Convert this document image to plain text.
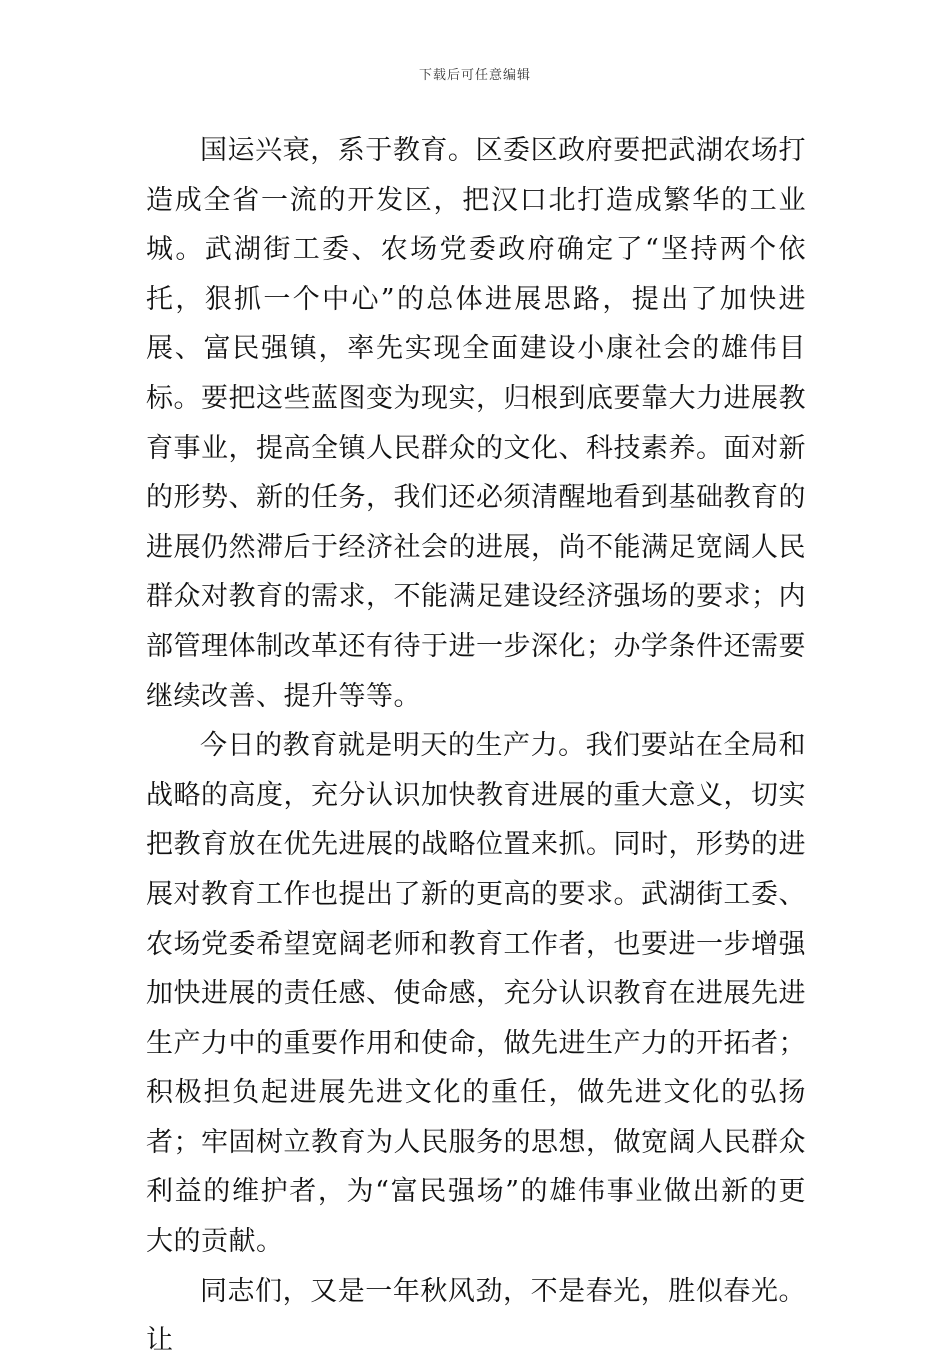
下载后可任意编辑

国运兴衰，系于教育。区委区政府要把武湖农场打造成全省一流的开发区，把汉口北打造成繁华的工业城。武湖街工委、农场党委政府确定了“坚持两个依托，狠抓一个中心”的总体进展思路，提出了加快进展、富民强镇，率先实现全面建设小康社会的雄伟目标。要把这些蓝图变为现实，归根到底要靠大力进展教育事业，提高全镇人民群众的文化、科技素养。面对新的形势、新的任务，我们还必须清醒地看到基础教育的进展仍然滞后于经济社会的进展，尚不能满足宽阔人民群众对教育的需求，不能满足建设经济强场的要求；内部管理体制改革还有待于进一步深化；办学条件还需要继续改善、提升等等。

今日的教育就是明天的生产力。我们要站在全局和战略的高度，充分认识加快教育进展的重大意义，切实把教育放在优先进展的战略位置来抓。同时，形势的进展对教育工作也提出了新的更高的要求。武湖街工委、农场党委希望宽阔老师和教育工作者，也要进一步增强加快进展的责任感、使命感，充分认识教育在进展先进生产力中的重要作用和使命，做先进生产力的开拓者；积极担负起进展先进文化的重任，做先进文化的弘扬者；牢固树立教育为人民服务的思想，做宽阔人民群众利益的维护者，为“富民强场”的雄伟事业做出新的更大的贡献。

同志们，又是一年秋风劲，不是春光，胜似春光。让
